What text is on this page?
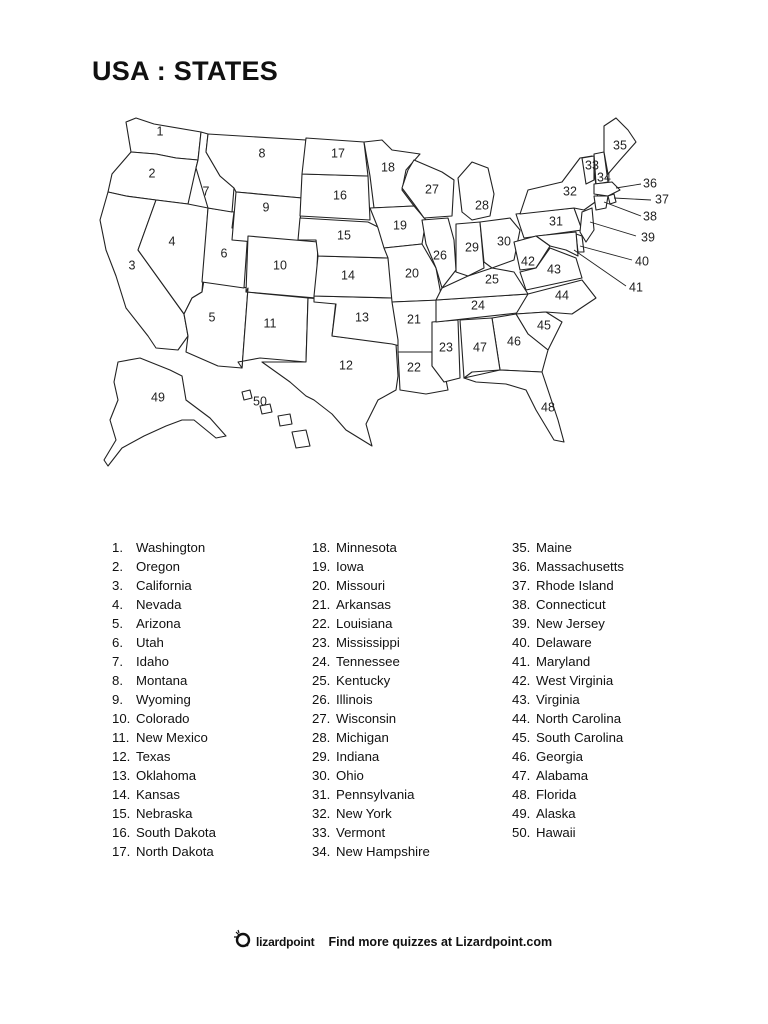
USA : STATES
1
2
3
4
5
6
7
8
9
10
11
12
13
14
15
16
17
18
19
20
21
22
23
24
25
26
27
28
29 30
31
32
33
34
35
36
37
38
39
40
41
42
43
44
45
46
47
48
49	50
1. Washington
2. Oregon
3. California
4. Nevada
5. Arizona
6. Utah
7. Idaho
8. Montana
9. Wyoming
10. Colorado
11. New Mexico
12. Texas
13. Oklahoma
14. Kansas
15. Nebraska
16. South Dakota
17. North Dakota
18. Minnesota
19. Iowa
20. Missouri
21. Arkansas
22. Louisiana
23. Mississippi
24. Tennessee
25. Kentucky
26. Illinois
27. Wisconsin
28. Michigan
29. Indiana
30. Ohio
31. Pennsylvania
32. New York
33. Vermont
34. New Hampshire
35. Maine
36. Massachusetts
37. Rhode Island
38. Connecticut
39. New Jersey
40. Delaware
41. Maryland
42. West Virginia
43. Virginia
44. North Carolina
45. South Carolina
46. Georgia
47. Alabama
48. Florida
49. Alaska
50. Hawaii
lizardpoint Find more quizzes at Lizardpoint.com
